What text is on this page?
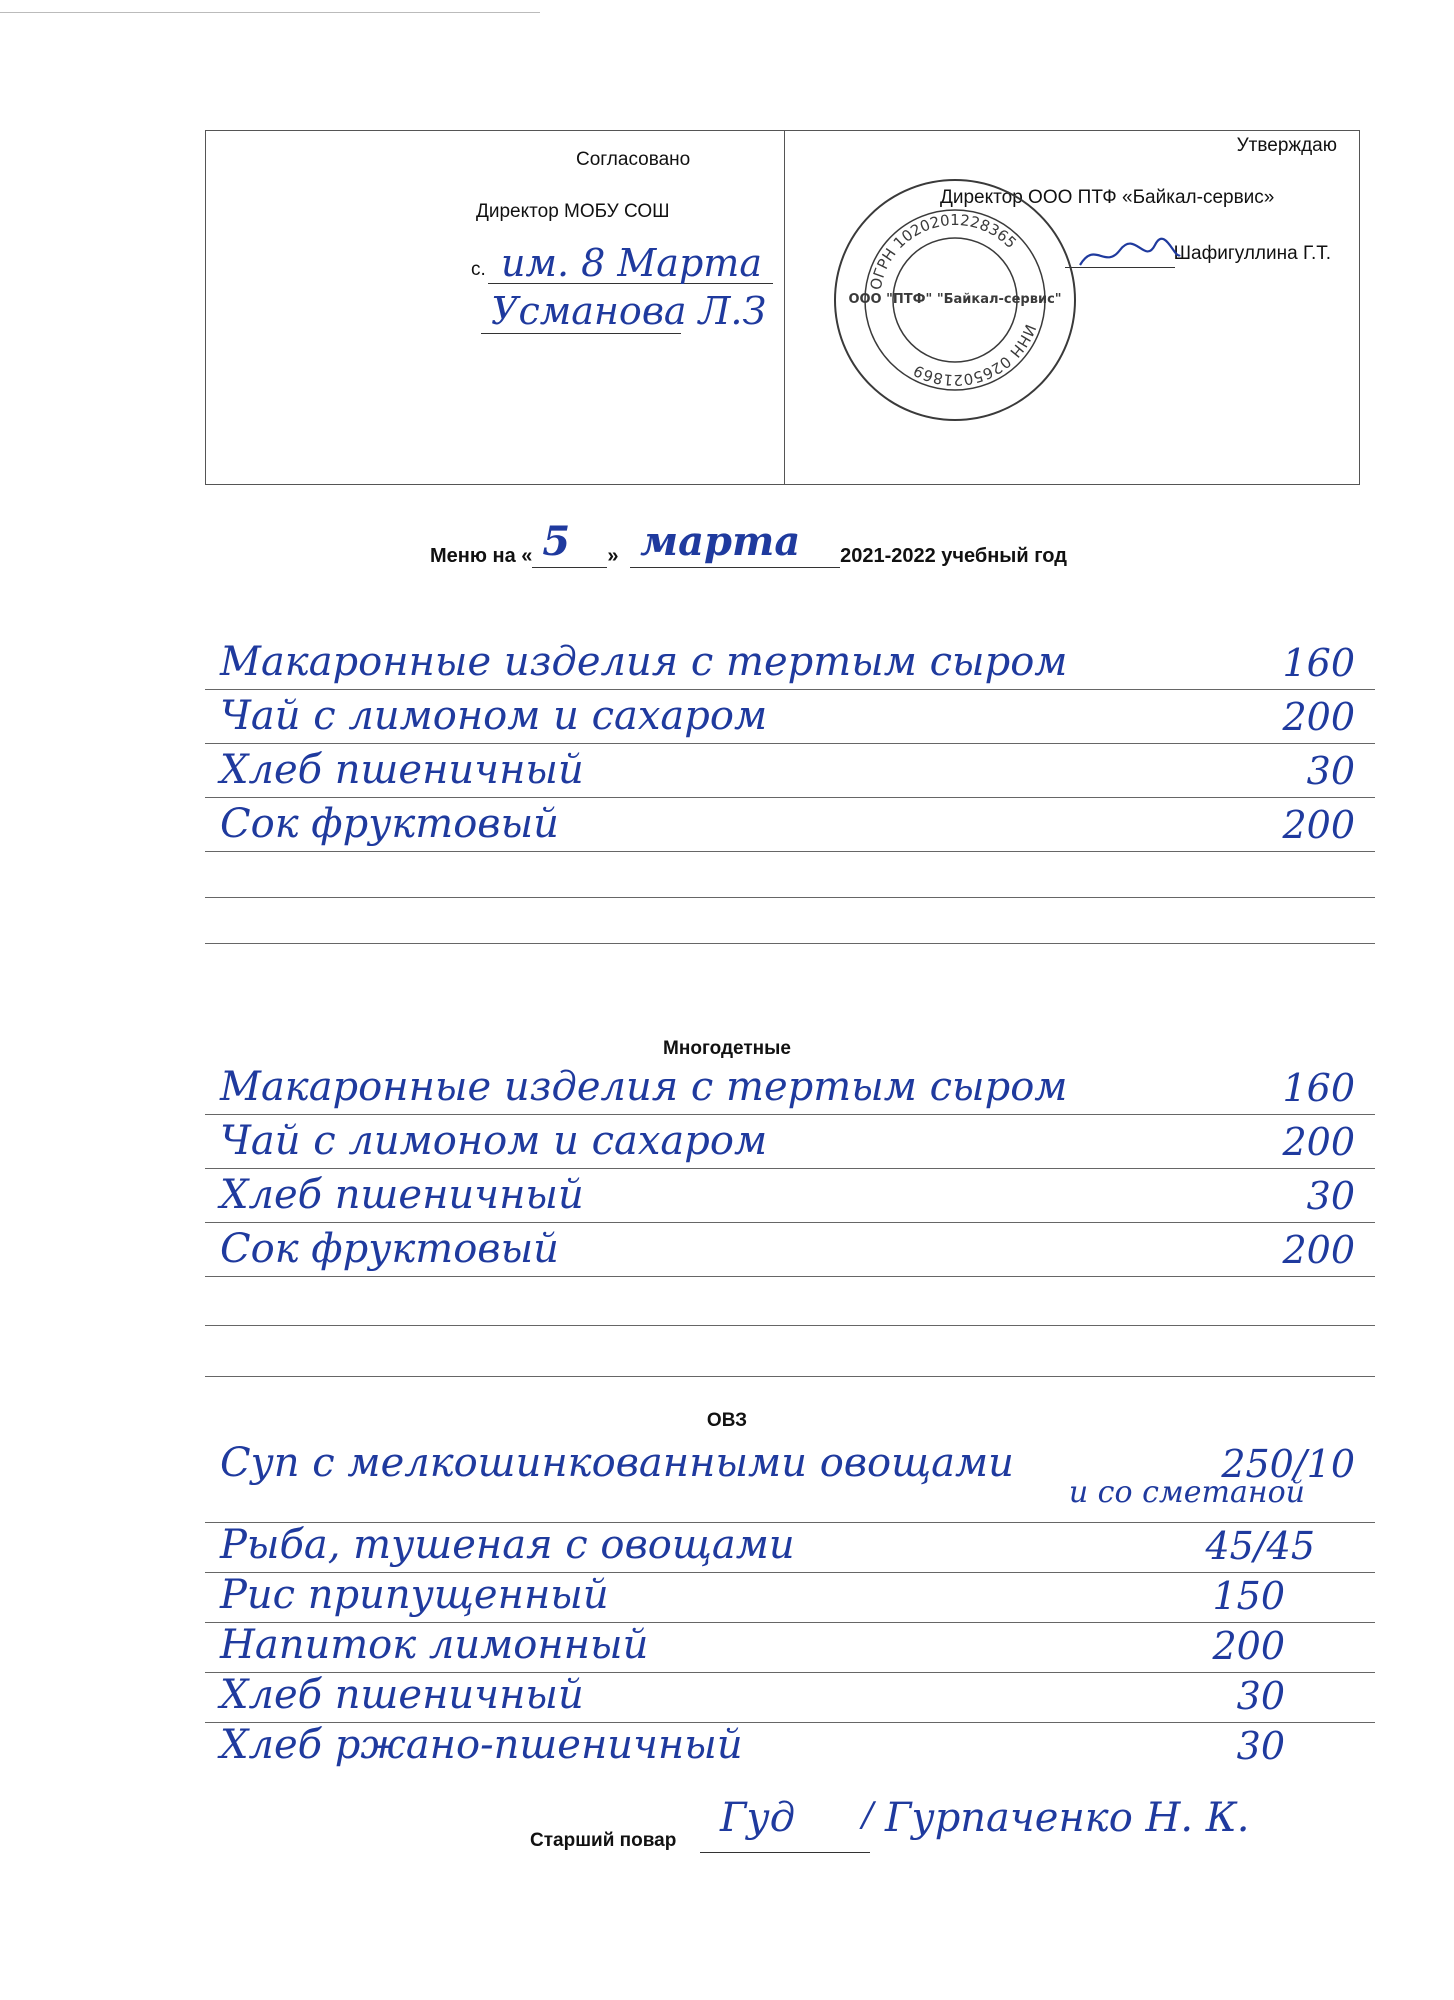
Согласовано
Директор МОБУ СОШ
с. им. 8 Марта
Усманова Л.З
Утверждаю
Директор ООО ПТФ «Байкал-сервис»
Шафигуллина Г.Т.
ОГРН 1020201228365
ИНН 0265021869
ООО "ПТФ" "Байкал-сервис"
Меню на « 5 » марта 2021-2022 учебный год
Макаронные изделия с тертым сыром	160
Чай с лимоном и сахаром	200
Хлеб пшеничный	30
Сок фруктовый	200
Многодетные
Макаронные изделия с тертым сыром	160
Чай с лимоном и сахаром	200
Хлеб пшеничный	30
Сок фруктовый	200
ОВЗ
Суп с мелкошинкованными овощами	250/10
и со сметаной
Рыба, тушеная с овощами	45/45
Рис припущенный	150
Напиток лимонный	200
Хлеб пшеничный	30
Хлеб ржано-пшеничный	30
Старший повар Гуд / Гурпаченко Н. К.
